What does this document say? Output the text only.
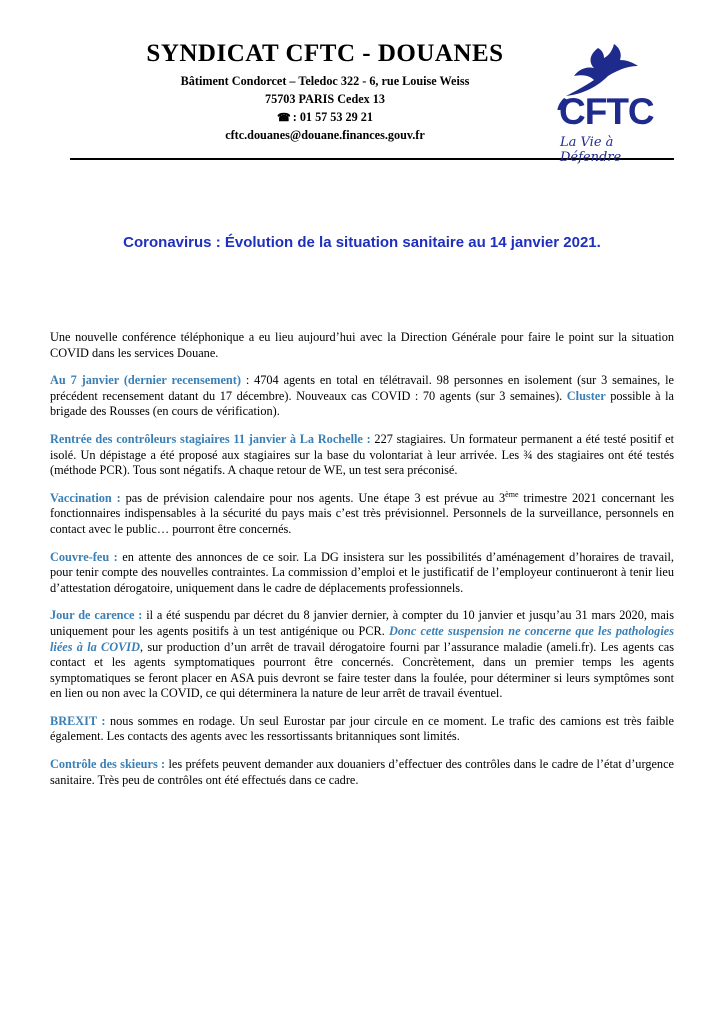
SYNDICAT CFTC - DOUANES
Bâtiment Condorcet – Teledoc 322 - 6, rue Louise Weiss
75703 PARIS Cedex 13
☎ : 01 57 53 29 21
cftc.douanes@douane.finances.gouv.fr
CFTC
La Vie à Défendre
Coronavirus : Évolution de la situation sanitaire au 14 janvier 2021.

Une nouvelle conférence téléphonique a eu lieu aujourd’hui avec la Direction Générale pour faire le point sur la situation COVID dans les services Douane.

Au 7 janvier (dernier recensement) : 4704 agents en total en télétravail. 98 personnes en isolement (sur 3 semaines, le précédent recensement datant du 17 décembre). Nouveaux cas COVID : 70 agents (sur 3 semaines). Cluster possible à la brigade des Rousses (en cours de vérification).

Rentrée des contrôleurs stagiaires 11 janvier à La Rochelle : 227 stagiaires. Un formateur permanent a été testé positif et isolé. Un dépistage a été proposé aux stagiaires sur la base du volontariat à leur arrivée. Les ¾ des stagiaires ont été testés (méthode PCR). Tous sont négatifs. A chaque retour de WE, un test sera préconisé.

Vaccination : pas de prévision calendaire pour nos agents. Une étape 3 est prévue au 3ème trimestre 2021 concernant les fonctionnaires indispensables à la sécurité du pays mais c’est très prévisionnel. Personnels de la surveillance, personnels en contact avec le public… pourront être concernés.

Couvre-feu : en attente des annonces de ce soir. La DG insistera sur les possibilités d’aménagement d’horaires de travail, pour tenir compte des nouvelles contraintes. La commission d’emploi et le justificatif de l’employeur continueront à tenir lieu d’attestation dérogatoire, uniquement dans le cadre de déplacements professionnels.

Jour de carence : il a été suspendu par décret du 8 janvier dernier, à compter du 10 janvier et jusqu’au 31 mars 2020, mais uniquement pour les agents positifs à un test antigénique ou PCR. Donc cette suspension ne concerne que les pathologies liées à la COVID, sur production d’un arrêt de travail dérogatoire fourni par l’assurance maladie (ameli.fr). Les agents cas contact et les agents symptomatiques pourront être concernés. Concrètement, dans un premier temps les agents symptomatiques se feront placer en ASA puis devront se faire tester dans la foulée, pour déterminer si leurs symptômes sont en lien ou non avec la COVID, ce qui déterminera la nature de leur arrêt de travail éventuel.

BREXIT : nous sommes en rodage. Un seul Eurostar par jour circule en ce moment. Le trafic des camions est très faible également. Les contacts des agents avec les ressortissants britanniques sont limités.

Contrôle des skieurs : les préfets peuvent demander aux douaniers d’effectuer des contrôles dans le cadre de l’état d’urgence sanitaire. Très peu de contrôles ont été effectués dans ce cadre.
